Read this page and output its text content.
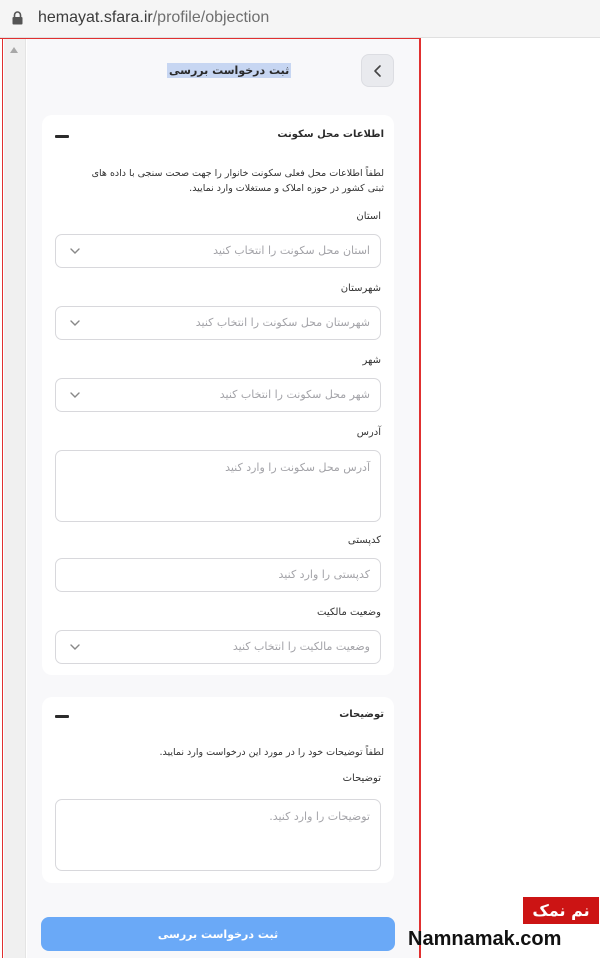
hemayat.sfara.ir/profile/objection
ثبت درخواست بررسی
اطلاعات محل سکونت
لطفاً اطلاعات محل فعلی سکونت خانوار را جهت صحت سنجی با داده های
ثبتی کشور در حوزه املاک و مستغلات وارد نمایید.
استان
استان محل سکونت را انتخاب کنید
شهرستان
شهرستان محل سکونت را انتخاب کنید
شهر
شهر محل سکونت را انتخاب کنید
آدرس
آدرس محل سکونت را وارد کنید
کدپستی
کدپستی را وارد کنید
وضعیت مالکیت
وضعیت مالکیت را انتخاب کنید
توضیحات
لطفاً توضیحات خود را در مورد این درخواست وارد نمایید.
توضیحات
توضیحات را وارد کنید.
ثبت درخواست بررسی
نم نمک
Namnamak.com
